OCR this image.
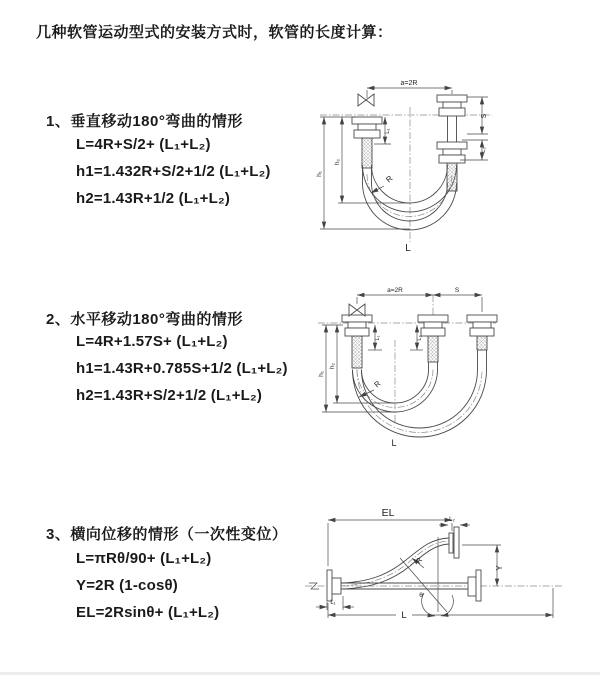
几种软管运动型式的安装方式时，软管的长度计算：
1、垂直移动180°弯曲的情形
L=4R+S/2+ (L₁+L₂)
h1=1.432R+S/2+1/2 (L₁+L₂)
h2=1.43R+1/2 (L₁+L₂)
2、水平移动180°弯曲的情形
L=4R+1.57S+ (L₁+L₂)
h1=1.43R+0.785S+1/2 (L₁+L₂)
h2=1.43R+S/2+1/2 (L₁+L₂)
3、横向位移的情形（一次性变位）
L=πRθ/90+ (L₁+L₂)
Y=2R (1-cosθ)
EL=2Rsinθ+ (L₁+L₂)
a=2R
S
L₂
L₁
h₁
h₂
R
L
a=2R	S
L₁	L₂
h₁
h₂
R
L
EL
L₂
Y
L
L₁
R
θ
